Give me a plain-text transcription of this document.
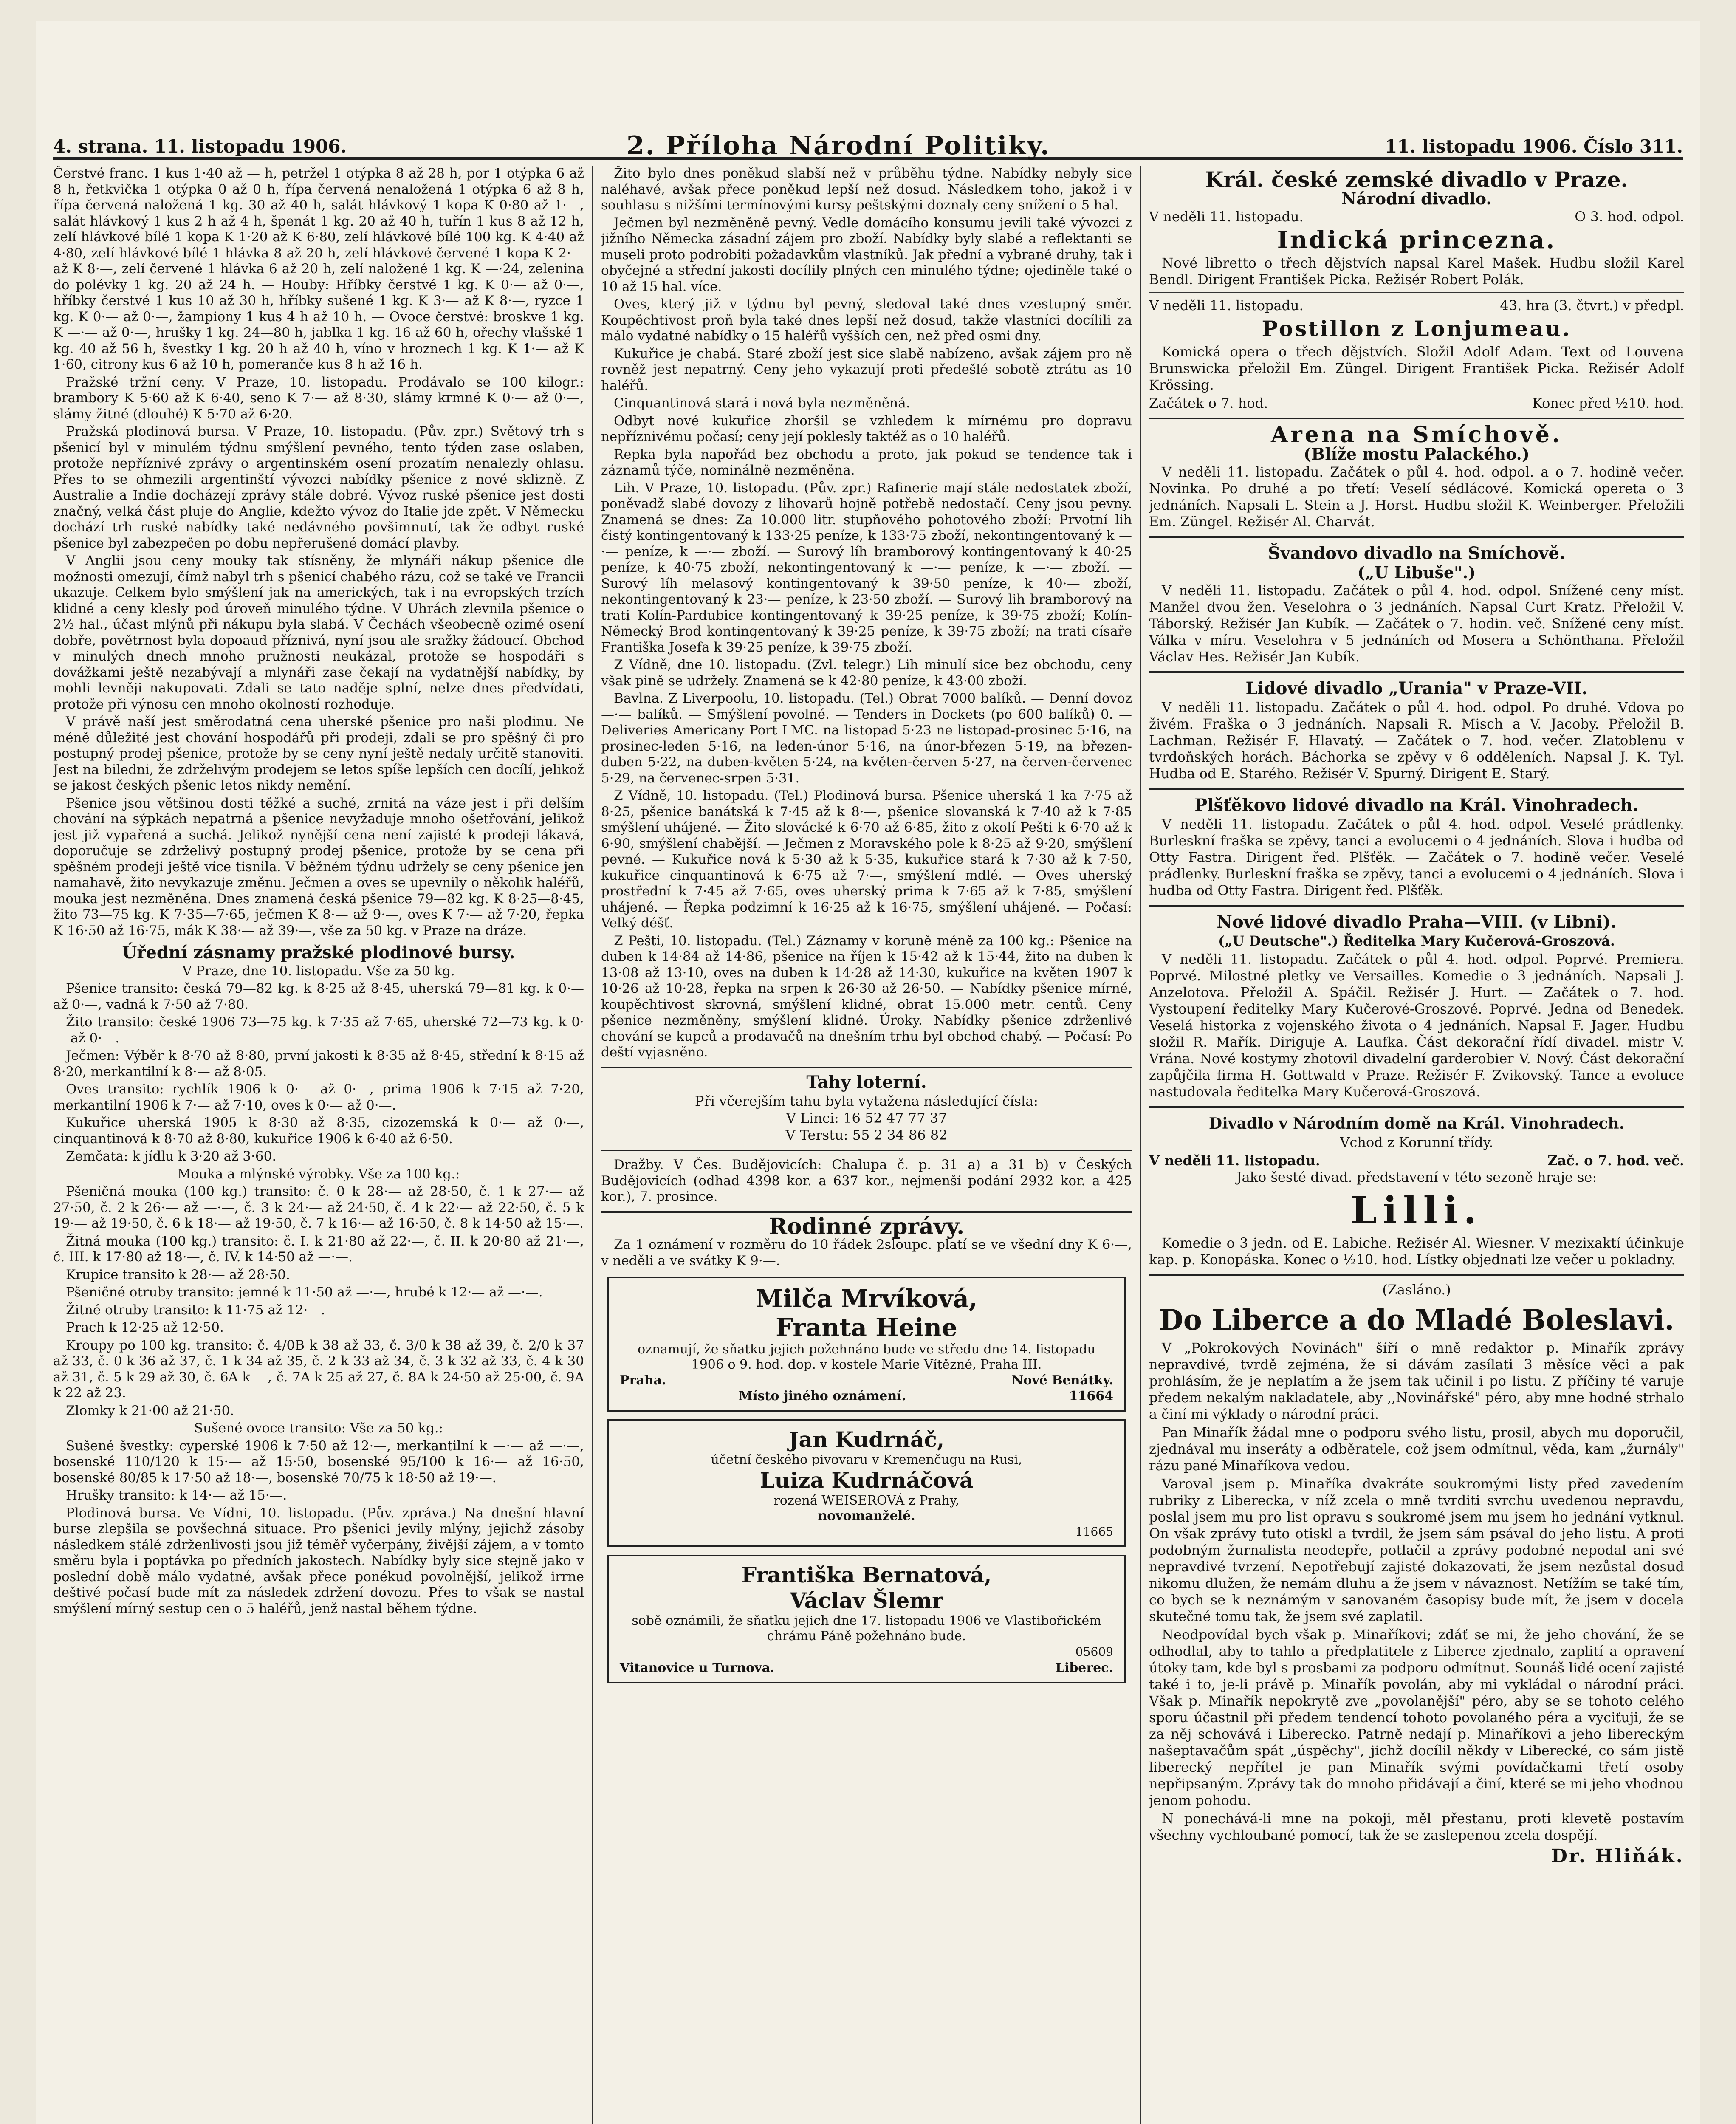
4. strana. 11. listopadu 1906.	2. Příloha Národní Politiky.	11. listopadu 1906. Číslo 311.

Čerstvé franc. 1 kus 1·40 až — h, petržel 1 otýpka 8 až 28 h, por 1 otýpka 6 až 8 h, řetkvička 1 otýpka 0 až 0 h, řípa červená nenaložená 1 otýpka 6 až 8 h, řípa červená naložená 1 kg. 30 až 40 h, salát hlávkový 1 kopa K 0·80 až 1·—, salát hlávkový 1 kus 2 h až 4 h, špenát 1 kg. 20 až 40 h, tuřín 1 kus 8 až 12 h, zelí hlávkové bílé 1 kopa K 1·20 až K 6·80, zelí hlávkové bílé 100 kg. K 4·40 až 4·80, zelí hlávkové bílé 1 hlávka 8 až 20 h, zelí hlávkové červené 1 kopa K 2·— až K 8·—, zelí červené 1 hlávka 6 až 20 h, zelí naložené 1 kg. K —·24, zelenina do polévky 1 kg. 20 až 24 h. — Houby: Hříbky čerstvé 1 kg. K 0·— až 0·—, hříbky čerstvé 1 kus 10 až 30 h, hříbky sušené 1 kg. K 3·— až K 8·—, ryzce 1 kg. K 0·— až 0·—, žampiony 1 kus 4 h až 10 h. — Ovoce čerstvé: broskve 1 kg. K —·— až 0·—, hrušky 1 kg. 24—80 h, jablka 1 kg. 16 až 60 h, ořechy vlašské 1 kg. 40 až 56 h, švestky 1 kg. 20 h až 40 h, víno v hroznech 1 kg. K 1·— až K 1·60, citrony kus 6 až 10 h, pomeranče kus 8 h až 16 h.

Pražské tržní ceny. V Praze, 10. listopadu. Prodávalo se 100 kilogr.: brambory K 5·60 až K 6·40, seno K 7·— až 8·30, slámy krmné K 0·— až 0·—, slámy žitné (dlouhé) K 5·70 až 6·20.

Pražská plodinová bursa. V Praze, 10. listopadu. (Pův. zpr.) Světový trh s pšenicí byl v minulém týdnu smýšlení pevného, tento týden zase oslaben, protože nepříznivé zprávy o argentinském osení prozatím nenalezly ohlasu. Přes to se ohmezili argentinští vývozci nabídky pšenice z nové sklizně. Z Australie a Indie docházejí zprávy stále dobré. Vývoz ruské pšenice jest dosti značný, velká část pluje do Anglie, kdežto vývoz do Italie jde zpět. V Německu dochází trh ruské nabídky také nedávného povšimnutí, tak že odbyt ruské pšenice byl zabezpečen po dobu nepřerušené domácí plavby.

V Anglii jsou ceny mouky tak stísněny, že mlynáři nákup pšenice dle možnosti omezují, čímž nabyl trh s pšenicí chabého rázu, což se také ve Francii ukazuje. Celkem bylo smýšlení jak na amerických, tak i na evropských trzích klidné a ceny klesly pod úroveň minulého týdne. V Uhrách zlevnila pšenice o 2½ hal., účast mlýnů při nákupu byla slabá. V Čechách všeobecně ozimé osení dobře, povětrnost byla dopoaud příznivá, nyní jsou ale sražky žádoucí. Obchod v minulých dnech mnoho pružnosti neukázal, protože se hospodáři s dovážkami ještě nezabývají a mlynáři zase čekají na vydatnější nabídky, by mohli levněji nakupovati. Zdali se tato naděje splní, nelze dnes předvídati, protože při výnosu cen mnoho okolností rozhoduje.

V právě naší jest směrodatná cena uherské pšenice pro naši plodinu. Ne méně důležité jest chování hospodářů při prodeji, zdali se pro spěšný či pro postupný prodej pšenice, protože by se ceny nyní ještě nedaly určitě stanoviti. Jest na biledni, že zdrželivým prodejem se letos spíše lepších cen docílí, jelikož se jakost českých pšenic letos nikdy nemění.

Pšenice jsou většinou dosti těžké a suché, zrnitá na váze jest i při delším chování na sýpkách nepatrná a pšenice nevyžaduje mnoho ošetřování, jelikož jest již vypařená a suchá. Jelikož nynější cena není zajisté k prodeji lákavá, doporučuje se zdrželivý postupný prodej pšenice, protože by se cena při spěšném prodeji ještě více tisnila. V běžném týdnu udržely se ceny pšenice jen namahavě, žito nevykazuje změnu. Ječmen a oves se upevnily o několik haléřů, mouka jest nezměněna. Dnes znamená česká pšenice 79—82 kg. K 8·25—8·45, žito 73—75 kg. K 7·35—7·65, ječmen K 8·— až 9·—, oves K 7·— až 7·20, řepka K 16·50 až 16·75, mák K 38·— až 39·—, vše za 50 kg. v Praze na dráze.

Úřední zásnamy pražské plodinové bursy.

V Praze, dne 10. listopadu. Vše za 50 kg.

Pšenice transito: česká 79—82 kg. k 8·25 až 8·45, uherská 79—81 kg. k 0·— až 0·—, vadná k 7·50 až 7·80.

Žito transito: české 1906 73—75 kg. k 7·35 až 7·65, uherské 72—73 kg. k 0·— až 0·—.

Ječmen: Výběr k 8·70 až 8·80, první jakosti k 8·35 až 8·45, střední k 8·15 až 8·20, merkantilní k 8·— až 8·05.

Oves transito: rychlík 1906 k 0·— až 0·—, prima 1906 k 7·15 až 7·20, merkantilní 1906 k 7·— až 7·10, oves k 0·— až 0·—.

Kukuřice uherská 1905 k 8·30 až 8·35, cizozemská k 0·— až 0·—, cinquantinová k 8·70 až 8·80, kukuřice 1906 k 6·40 až 6·50.

Zemčata: k jídlu k 3·20 až 3·60.

Mouka a mlýnské výrobky. Vše za 100 kg.:

Pšeničná mouka (100 kg.) transito: č. 0 k 28·— až 28·50, č. 1 k 27·— až 27·50, č. 2 k 26·— až —·—, č. 3 k 24·— až 24·50, č. 4 k 22·— až 22·50, č. 5 k 19·— až 19·50, č. 6 k 18·— až 19·50, č. 7 k 16·— až 16·50, č. 8 k 14·50 až 15·—.

Žitná mouka (100 kg.) transito: č. I. k 21·80 až 22·—, č. II. k 20·80 až 21·—, č. III. k 17·80 až 18·—, č. IV. k 14·50 až —·—.

Krupice transito k 28·— až 28·50.

Pšeničné otruby transito: jemné k 11·50 až —·—, hrubé k 12·— až —·—.

Žitné otruby transito: k 11·75 až 12·—.

Prach k 12·25 až 12·50.

Kroupy po 100 kg. transito: č. 4/0B k 38 až 33, č. 3/0 k 38 až 39, č. 2/0 k 37 až 33, č. 0 k 36 až 37, č. 1 k 34 až 35, č. 2 k 33 až 34, č. 3 k 32 až 33, č. 4 k 30 až 31, č. 5 k 29 až 30, č. 6A k —, č. 7A k 25 až 27, č. 8A k 24·50 až 25·00, č. 9A k 22 až 23.

Zlomky k 21·00 až 21·50.

Sušené ovoce transito: Vše za 50 kg.:

Sušené švestky: cyperské 1906 k 7·50 až 12·—, merkantilní k —·— až —·—, bosenské 110/120 k 15·— až 15·50, bosenské 95/100 k 16·— až 16·50, bosenské 80/85 k 17·50 až 18·—, bosenské 70/75 k 18·50 až 19·—.

Hrušky transito: k 14·— až 15·—.

Plodinová bursa. Ve Vídni, 10. listopadu. (Pův. zpráva.) Na dnešní hlavní burse zlepšila se povšechná situace. Pro pšenici jevily mlýny, jejichž zásoby následkem stálé zdrženlivosti jsou již téměř vyčerpány, živější zájem, a v tomto směru byla i poptávka po předních jakostech. Nabídky byly sice stejně jako v poslední době málo vydatné, avšak přece ponékud povolnější, jelikož irrne deštivé počasí bude mít za následek zdržení dovozu. Přes to však se nastal smýšlení mírný sestup cen o 5 haléřů, jenž nastal během týdne.

Žito bylo dnes poněkud slabší než v průběhu týdne. Nabídky nebyly sice naléhavé, avšak přece poněkud lepší než dosud. Následkem toho, jakož i v souhlasu s nižšími termínovými kursy peštskými doznaly ceny snížení o 5 hal.

Ječmen byl nezměněně pevný. Vedle domácího konsumu jevili také vývozci z jižního Německa zásadní zájem pro zboží. Nabídky byly slabé a reflektanti se museli proto podrobiti požadavkům vlastníků. Jak přední a vybrané druhy, tak i obyčejné a střední jakosti docílily plných cen minulého týdne; ojediněle také o 10 až 15 hal. více.

Oves, který již v týdnu byl pevný, sledoval také dnes vzestupný směr. Koupěchtivost proň byla také dnes lepší než dosud, takže vlastníci docílili za málo vydatné nabídky o 15 haléřů vyšších cen, než před osmi dny.

Kukuřice je chabá. Staré zboží jest sice slabě nabízeno, avšak zájem pro ně rovněž jest nepatrný. Ceny jeho vykazují proti předešlé sobotě ztrátu as 10 haléřů.

Cinquantinová stará i nová byla nezměněná.

Odbyt nové kukuřice zhoršil se vzhledem k mírnému pro dopravu nepříznivému počasí; ceny její poklesly taktéž as o 10 haléřů.

Repka byla napořád bez obchodu a proto, jak pokud se tendence tak i záznamů týče, nominálně nezměněna.

Lih. V Praze, 10. listopadu. (Pův. zpr.) Rafinerie mají stále nedostatek zboží, poněvadž slabé dovozy z lihovarů hojně potřebě nedostačí. Ceny jsou pevny. Znamená se dnes: Za 10.000 litr. stupňového pohotového zboží: Prvotní lih čistý kontingentovaný k 133·25 peníze, k 133·75 zboží, nekontingentovaný k —·— peníze, k —·— zboží. — Surový líh bramborový kontingentovaný k 40·25 peníze, k 40·75 zboží, nekontingentovaný k —·— peníze, k —·— zboží. — Surový líh melasový kontingentovaný k 39·50 peníze, k 40·— zboží, nekontingentovaný k 23·— peníze, k 23·50 zboží. — Surový lih bramborový na trati Kolín-Pardubice kontingentovaný k 39·25 peníze, k 39·75 zboží; Kolín-Německý Brod kontingentovaný k 39·25 peníze, k 39·75 zboží; na trati císaře Františka Josefa k 39·25 peníze, k 39·75 zboží.

Z Vídně, dne 10. listopadu. (Zvl. telegr.) Lih minulí sice bez obchodu, ceny však pině se udržely. Znamená se k 42·80 peníze, k 43·00 zboží.

Bavlna. Z Liverpoolu, 10. listopadu. (Tel.) Obrat 7000 balíků. — Denní dovoz —·— balíků. — Smýšlení povolné. — Tenders in Dockets (po 600 balíků) 0. — Deliveries Americany Port LMC. na listopad 5·23 ne listopad-prosinec 5·16, na prosinec-leden 5·16, na leden-únor 5·16, na únor-březen 5·19, na březen-duben 5·22, na duben-květen 5·24, na květen-červen 5·27, na červen-červenec 5·29, na červenec-srpen 5·31.

Z Vídně, 10. listopadu. (Tel.) Plodinová bursa. Pšenice uherská 1 ka 7·75 až 8·25, pšenice banátská k 7·45 až k 8·—, pšenice slovanská k 7·40 až k 7·85 smýšlení uhájené. — Žito slovácké k 6·70 až 6·85, žito z okolí Pešti k 6·70 až k 6·90, smýšlení chabější. — Ječmen z Moravského pole k 8·25 až 9·20, smýšlení pevné. — Kukuřice nová k 5·30 až k 5·35, kukuřice stará k 7·30 až k 7·50, kukuřice cinquantinová k 6·75 až 7·—, smýšlení mdlé. — Oves uherský prostřední k 7·45 až 7·65, oves uherský prima k 7·65 až k 7·85, smýšlení uhájené. — Řepka podzimní k 16·25 až k 16·75, smýšlení uhájené. — Počasí: Velký déšť.

Z Pešti, 10. listopadu. (Tel.) Záznamy v koruně méně za 100 kg.: Pšenice na duben k 14·84 až 14·86, pšenice na říjen k 15·42 až k 15·44, žito na duben k 13·08 až 13·10, oves na duben k 14·28 až 14·30, kukuřice na květen 1907 k 10·26 až 10·28, řepka na srpen k 26·30 až 26·50. — Nabídky pšenice mírné, koupěchtivost skrovná, smýšlení klidné, obrat 15.000 metr. centů. Ceny pšenice nezměněny, smýšlení klidné. Úroky. Nabídky pšenice zdrženlivé chování se kupců a prodavačů na dnešním trhu byl obchod chabý. — Počasí: Po deští vyjasněno.

Tahy loterní.
Při včerejším tahu byla vytažena následující čísla:
V Linci: 16 52 47 77 37
V Terstu: 55 2 34 86 82

Dražby. V Čes. Budějovicích: Chalupa č. p. 31 a) a 31 b) v Českých Budějovicích (odhad 4398 kor. a 637 kor., nejmenší podání 2932 kor. a 425 kor.), 7. prosince.

Rodinné zprávy.

Za 1 oznámení v rozměru do 10 řádek 2sloupc. platí se ve všední dny K 6·—, v neděli a ve svátky K 9·—.

Milča Mrvíková,
Franta Heine
oznamují, že sňatku jejich požehnáno bude ve středu dne 14. listopadu 1906 o 9. hod. dop. v kostele Marie Vítězné, Praha III.
Praha.	Nové Benátky.
Místo jiného oznámení.	11664
Jan Kudrnáč,
účetní českého pivovaru v Kremenčugu na Rusi,
Luiza Kudrnáčová
rozená WEISEROVÁ z Prahy,
novomanželé.
11665
Františka Bernatová,
Václav Šlemr
sobě oznámili, že sňatku jejich dne 17. listopadu 1906 ve Vlastibořickém chrámu Páně požehnáno bude.
05609
Vitanovice u Turnova.	Liberec.
Král. české zemské divadlo v Praze.
Národní divadlo.
V neděli 11. listopadu.	O 3. hod. odpol.
Indická princezna.

Nové libretto o třech dějstvích napsal Karel Mašek. Hudbu složil Karel Bendl. Dirigent František Picka. Režisér Robert Polák.

V neděli 11. listopadu.	43. hra (3. čtvrt.) v předpl.
Postillon z Lonjumeau.

Komická opera o třech dějstvích. Složil Adolf Adam. Text od Louvena Brunswicka přeložil Em. Züngel. Dirigent František Picka. Režisér Adolf Krössing.

Začátek o 7. hod.	Konec před ½10. hod.
Arena na Smíchově.
(Blíže mostu Palackého.)

V neděli 11. listopadu. Začátek o půl 4. hod. odpol. a o 7. hodině večer. Novinka. Po druhé a po třetí: Veselí sédlácové. Komická opereta o 3 jednáních. Napsali L. Stein a J. Horst. Hudbu složil K. Weinberger. Přeložili Em. Züngel. Režisér Al. Charvát.

Švandovo divadlo na Smíchově.
(„U Libuše".)

V neděli 11. listopadu. Začátek o půl 4. hod. odpol. Snížené ceny míst. Manžel dvou žen. Veselohra o 3 jednáních. Napsal Curt Kratz. Přeložil V. Táborský. Režisér Jan Kubík. — Začátek o 7. hodin. več. Snížené ceny míst. Válka v míru. Veselohra v 5 jednáních od Mosera a Schönthana. Přeložil Václav Hes. Režisér Jan Kubík.

Lidové divadlo „Urania" v Praze-VII.

V neděli 11. listopadu. Začátek o půl 4. hod. odpol. Po druhé. Vdova po živém. Fraška o 3 jednáních. Napsali R. Misch a V. Jacoby. Přeložil B. Lachman. Režisér F. Hlavatý. — Začátek o 7. hod. večer. Zlatoblenu v tvrdoňských horách. Báchorka se zpěvy v 6 odděleních. Napsal J. K. Tyl. Hudba od E. Starého. Režisér V. Spurný. Dirigent E. Starý.

Plšťěkovo lidové divadlo na Král. Vinohradech.

V neděli 11. listopadu. Začátek o půl 4. hod. odpol. Veselé prádlenky. Burleskní fraška se zpěvy, tanci a evolucemi o 4 jednáních. Slova i hudba od Otty Fastra. Dirigent řed. Plšťěk. — Začátek o 7. hodině večer. Veselé prádlenky. Burleskní fraška se zpěvy, tanci a evolucemi o 4 jednáních. Slova i hudba od Otty Fastra. Dirigent řed. Plšťěk.

Nové lidové divadlo Praha—VIII. (v Libni).
(„U Deutsche".) Ředitelka Mary Kučerová-Groszová.

V neděli 11. listopadu. Začátek o půl 4. hod. odpol. Poprvé. Premiera. Poprvé. Milostné pletky ve Versailles. Komedie o 3 jednáních. Napsali J. Anzelotova. Přeložil A. Spáčil. Režisér J. Hurt. — Začátek o 7. hod. Vystoupení ředitelky Mary Kučerové-Groszové. Poprvé. Jedna od Benedek. Veselá historka z vojenského života o 4 jednáních. Napsal F. Jager. Hudbu složil R. Mařík. Diriguje A. Laufka. Část dekorační řídí divadel. mistr V. Vrána. Nové kostymy zhotovil divadelní garderobier V. Nový. Část dekorační zapůjčila firma H. Gottwald v Praze. Režisér F. Zvikovský. Tance a evoluce nastudovala ředitelka Mary Kučerová-Groszová.

Divadlo v Národním domě na Král. Vinohradech.
Vchod z Korunní třídy.
V neděli 11. listopadu.	Zač. o 7. hod. več.

Jako šesté divad. představení v této sezoně hraje se:

Lilli.

Komedie o 3 jedn. od E. Labiche. Režisér Al. Wiesner. V mezixaktí účinkuje kap. p. Konopáska. Konec o ½10. hod. Lístky objednati lze večer u pokladny.

(Zasláno.)

Do Liberce a do Mladé Boleslavi.

V „Pokrokových Novinách" šíří o mně redaktor p. Minařík zprávy nepravdivé, tvrdě zejména, že si dávám zasílati 3 měsíce věci a pak prohlásím, že je neplatím a že jsem tak učinil i po listu. Z příčiny té varuje předem nekalým nakladatele, aby ,,Novinářské" péro, aby mne hodné strhalo a činí mi výklady o národní práci.

Pan Minařík žádal mne o podporu svého listu, prosil, abych mu doporučil, zjednával mu inseráty a odběratele, což jsem odmítnul, věda, kam „žurnály" rázu pané Minaříkova vedou.

Varoval jsem p. Minaříka dvakráte soukromými listy před zavedením rubriky z Liberecka, v níž zcela o mně tvrditi svrchu uvedenou nepravdu, poslal jsem mu pro list opravu s soukromé jsem mu jsem ho jednání vytknul. On však zprávy tuto otiskl a tvrdil, že jsem sám psával do jeho listu. A proti podobným žurnalista neodepře, potlačil a zprávy podobné nepodal ani své nepravdivé tvrzení. Nepotřebují zajisté dokazovati, že jsem nezůstal dosud nikomu dlužen, že nemám dluhu a že jsem v návaznost. Netížím se také tím, co bych se k neznámým v sanovaném časopisy bude mít, že jsem v docela skutečné tomu tak, že jsem své zaplatil.

Neodpovídal bych však p. Minaříkovi; zdáť se mi, že jeho chování, že se odhodlal, aby to tahlo a předplatitele z Liberce zjednalo, zaplití a opravení útoky tam, kde byl s prosbami za podporu odmítnut. Sounáš lidé ocení zajisté také i to, je-li právě p. Minařík povolán, aby mi vykládal o národní práci. Však p. Minařík nepokrytě zve „povolanější" péro, aby se se tohoto celého sporu účastnil při předem tendencí tohoto povolaného péra a vyciťuji, že se za něj schovává i Liberecko. Patrně nedají p. Minaříkovi a jeho libereckým našeptavačům spát „úspěchy", jichž docílil někdy v Liberecké, co sám jistě liberecký nepřítel je pan Minařík svými povídačkami třetí osoby nepřipsaným. Zprávy tak do mnoho přidávají a činí, které se mi jeho vhodnou jenom pohodu.

N ponechává-li mne na pokoji, měl přestanu, proti klevetě postavím všechny vychloubané pomocí, tak že se zaslepenou zcela dospějí.

Dr. Hliňák.
